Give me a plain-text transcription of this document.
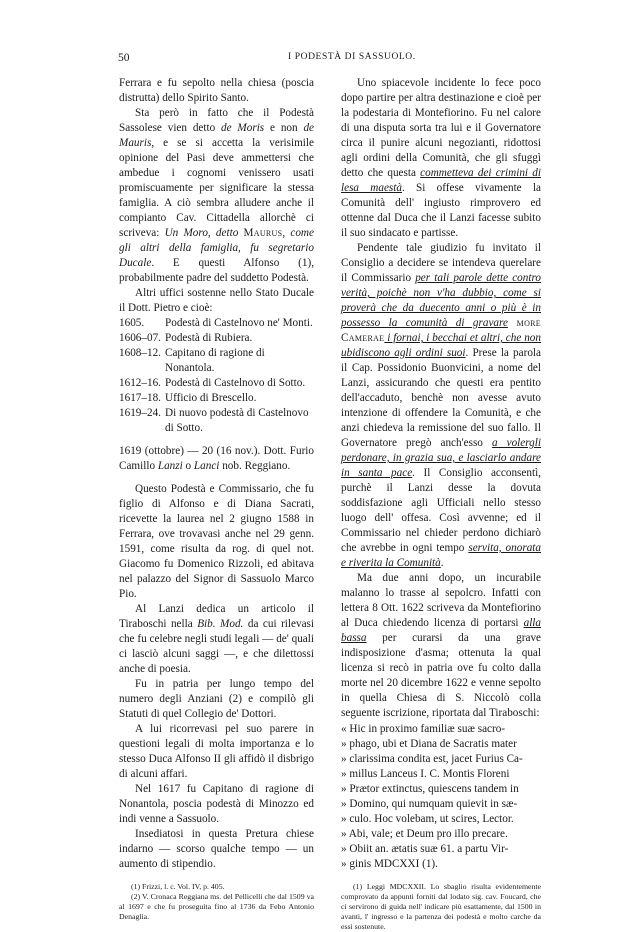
50	I PODESTÀ DI SASSUOLO.

Ferrara e fu sepolto nella chiesa (poscia distrutta) dello Spirito Santo.

Sta però in fatto che il Podestà Sassolese vien detto de Moris e non de Mauris, e se si accetta la verisimile opinione del Pasi deve ammettersi che ambedue i cognomi venissero usati promiscuamente per significare la stessa famiglia. A ciò sembra alludere anche il compianto Cav. Cittadella allorchè ci scriveva: Un Moro, detto Maurus, come gli altri della famiglia, fu segretario Ducale. E questi Alfonso (1), probabilmente padre del suddetto Podestà.

Altri uffici sostenne nello Stato Ducale il Dott. Pietro e cioè:

1605.	Podestà di Castelnovo ne' Monti.
1606–07. Podestà di Rubiera.
1608–12. Capitano di ragione di Nonantola.
1612–16. Podestà di Castelnovo di Sotto.
1617–18. Ufficio di Brescello.
1619–24. Di nuovo podestà di Castelnovo di Sotto.

1619 (ottobre) — 20 (16 nov.). Dott. Furio Camillo Lanzi o Lanci nob. Reggiano.

Questo Podestà e Commissario, che fu figlio di Alfonso e di Diana Sacrati, ricevette la laurea nel 2 giugno 1588 in Ferrara, ove trovavasi anche nel 29 genn. 1591, come risulta da rog. di quel not. Giacomo fu Domenico Rizzoli, ed abitava nel palazzo del Signor di Sassuolo Marco Pio.

Al Lanzi dedica un articolo il Tiraboschi nella Bib. Mod. da cui rilevasi che fu celebre negli studi legali — de' quali ci lasciò alcuni saggi —, e che dilettossi anche di poesia.

Fu in patria per lungo tempo del numero degli Anziani (2) e compilò gli Statuti di quel Collegio de' Dottori.

A lui ricorrevasi pel suo parere in questioni legali di molta importanza e lo stesso Duca Alfonso II gli affidò il disbrigo di alcuni affari.

Nel 1617 fu Capitano di ragione di Nonantola, poscia podestà di Minozzo ed indi venne a Sassuolo.

Insediatosi in questa Pretura chiese indarno — scorso qualche tempo — un aumento di stipendio.

(1) Frizzi, l. c. Vol. IV, p. 405.

(2) V. Cronaca Reggiana ms. del Pellicelli che dal 1509 va al 1697 e che fu proseguita fino al 1736 da Febo Antonio Denaglia.

Uno spiacevole incidente lo fece poco dopo partire per altra destinazione e cioè per la podestaria di Montefiorino. Fu nel calore di una disputa sorta tra lui e il Governatore circa il punire alcuni negozianti, ridottosi agli ordini della Comunità, che gli sfuggì detto che questa commetteva dei crimini di lesa maestà. Si offese vivamente la Comunità dell' ingiusto rimprovero ed ottenne dal Duca che il Lanzi facesse subito il suo sindacato e partisse.

Pendente tale giudizio fu invitato il Consiglio a decidere se intendeva querelare il Commissario per tali parole dette contro verità, poichè non v'ha dubbio, come si proverà che da duecento anni o più è in possesso la comunità di gravare more Camerae i fornai, i becchai et altri, che non ubidiscono agli ordini suoi. Prese la parola il Cap. Possidonio Buonvicini, a nome del Lanzi, assicurando che questi era pentito dell'accaduto, benchè non avesse avuto intenzione di offendere la Comunità, e che anzi chiedeva la remissione del suo fallo. Il Governatore pregò anch'esso a volergli perdonare, in grazia sua, e lasciarlo andare in santa pace. Il Consiglio acconsentì, purchè il Lanzi desse la dovuta soddisfazione agli Ufficiali nello stesso luogo dell' offesa. Così avvenne; ed il Commissario nel chieder perdono dichiarò che avrebbe in ogni tempo servita, onorata e riverita la Comunità.

Ma due anni dopo, un incurabile malanno lo trasse al sepolcro. Infatti con lettera 8 Ott. 1622 scriveva da Montefiorino al Duca chiedendo licenza di portarsi alla bassa per curarsi da una grave indisposizione d'asma; ottenuta la qual licenza si recò in patria ove fu colto dalla morte nel 20 dicembre 1622 e venne sepolto in quella Chiesa di S. Niccolò colla seguente iscrizione, riportata dal Tiraboschi:

« Hic in proximo familiæ suæ sacro-
» phago, ubi et Diana de Sacratis mater
» clarissima condita est, jacet Furius Ca-
» millus Lanceus I. C. Montis Floreni
» Prætor extinctus, quiescens tandem in
» Domino, qui numquam quievit in sæ-
» culo. Hoc volebam, ut scires, Lector.
» Abi, vale; et Deum pro illo precare.
» Obiit an. ætatis suæ 61. a partu Vir-
» ginis MDCXXI (1).

(1) Leggi MDCXXII. Lo sbaglio risulta evidentemente comprovato da appunti forniti dal lodato sig. cav. Foucard, che ci servirono di guida nell' indicare più esattamente, dal 1500 in avanti, l' ingresso e la partenza dei podestà e molto carche da essi sostenute.
